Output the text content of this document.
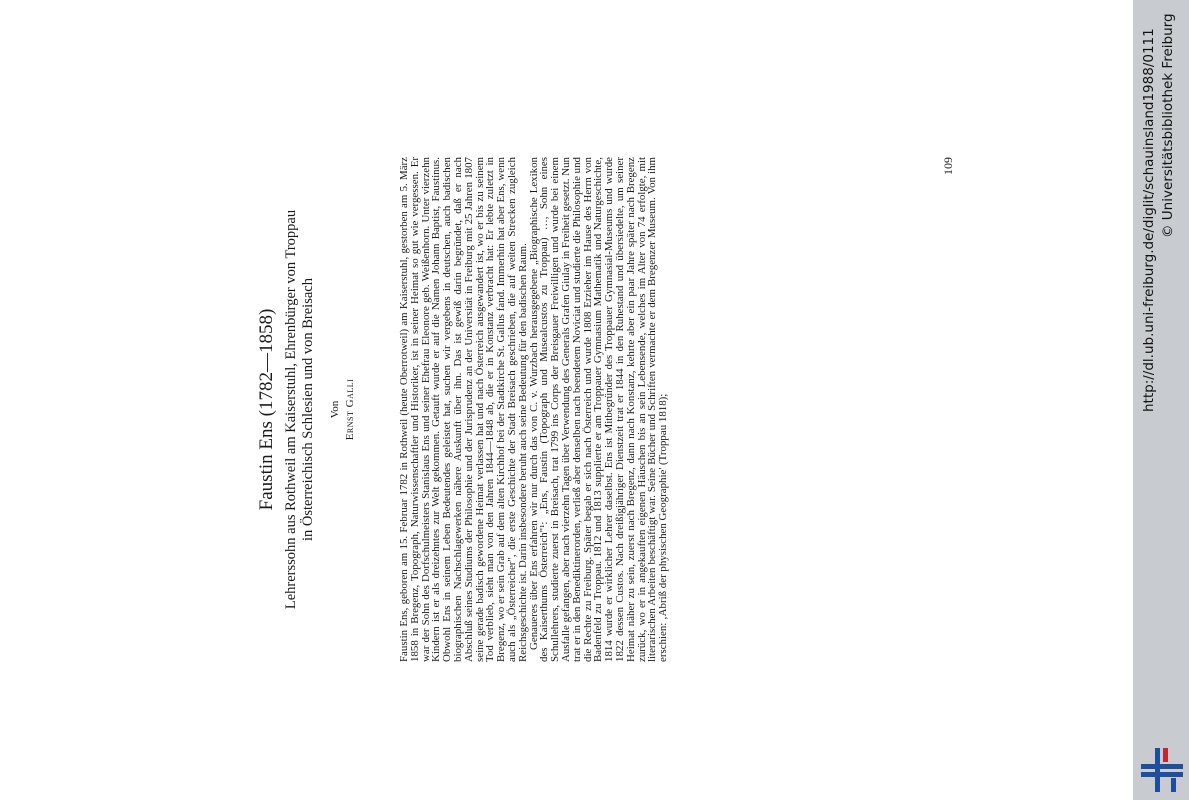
Faustin Ens (1782—1858) Lehrerssohn aus Rothweil am Kaiserstuhl, Ehrenbürger von Troppau in Österreichisch Schlesien und von Breisach Von Ernst Galli	Faustin Ens, geboren am 15. Februar 1782 in Rothweil (heute Oberrotweil) am Kaiserstuhl, gestorben am 5. März 1858 in Bregenz, Topograph, Naturwissenschaftler und Historiker, ist in seiner Heimat so gut wie vergessen. Er war der Sohn des Dorfschulmeisters Stanislaus Ens und seiner Ehefrau Eleonore geb. Weißenhorn. Unter vierzehn Kindern ist er als dreizehntes zur Welt gekommen. Getauft wurde er auf die Namen Johann Baptist, Faustinus. Obwohl Ens in seinem Leben Bedeutendes geleistet hat, suchen wir vergebens in deutschen, auch badischen biographischen Nachschlagewerken nähere Auskunft über ihn. Das ist gewiß darin begründet, daß er nach Abschluß seines Studiums der Philosophie und der Jurisprudenz an der Universität in Freiburg mit 25 Jahren 1807 seine gerade badisch gewordene Heimat verlassen hat und nach Österreich ausgewandert ist, wo er bis zu seinem Tod verblieb, sieht man von den Jahren 1844—1848 ab, die er in Konstanz verbracht hat: Er lebte zuletzt in Bregenz, wo er sein Grab auf dem alten Kirchhof bei der Stadtkirche St. Gallus fand. Immerhin hat aber Ens, wenn auch als „Österreicher", die erste Geschichte der Stadt Breisach geschrieben, die auf weiten Strecken zugleich Reichsgeschichte ist. Darin insbesondere beruht auch seine Bedeutung für den badischen Raum.

Genaueres über Ens erfahren wir nur durch das von C. v. Wurzbach herausgegebene „Biographische Lexikon des Kaiserthums Österreich"¹: „Ens, Faustin (Topograph und Musealcustos zu Troppau) …, Sohn eines Schullehrers, studierte zuerst in Breisach, trat 1799 ins Corps der Breisgauer Freiwilligen und wurde bei einem Ausfalle gefangen, aber nach vierzehn Tagen über Verwendung des Generals Grafen Giulay in Freiheit gesetzt. Nun trat er in den Benediktinerorden, verließ aber denselben nach beendetem Noviciat und studierte die Philosophie und die Rechte zu Freiburg. Später begab er sich nach Österreich und wurde 1808 Erzieher im Hause des Herrn von Badenfeld zu Troppau. 1812 und 1813 supplierte er am Troppauer Gymnasium Mathematik und Naturgeschichte, 1814 wurde er wirklicher Lehrer daselbst. Ens ist Mitbegründer des Troppauer Gymnasial-Museums und wurde 1822 dessen Custos. Nach dreißigjähriger Dienstzeit trat er 1844 in den Ruhestand und übersiedelte, um seiner Heimat näher zu sein, zuerst nach Bregenz, dann nach Konstanz, kehrte aber ein paar Jahre später nach Bregenz zurück, wo er in angekauften eigenen Häuschen bis an sein Lebensende, welches im Alter von 74 erfolgte, mit literarischen Arbeiten beschäftigt war. Seine Bücher und Schriften vermachte er dem Bregenzer Museum. Von ihm erschien: ‚Abriß der physischen Geographie' (Troppau 1818);

109	http://dl.ub.uni-freiburg.de/diglit/schauinsland1988/0111 © Universitätsbibliothek Freiburg
